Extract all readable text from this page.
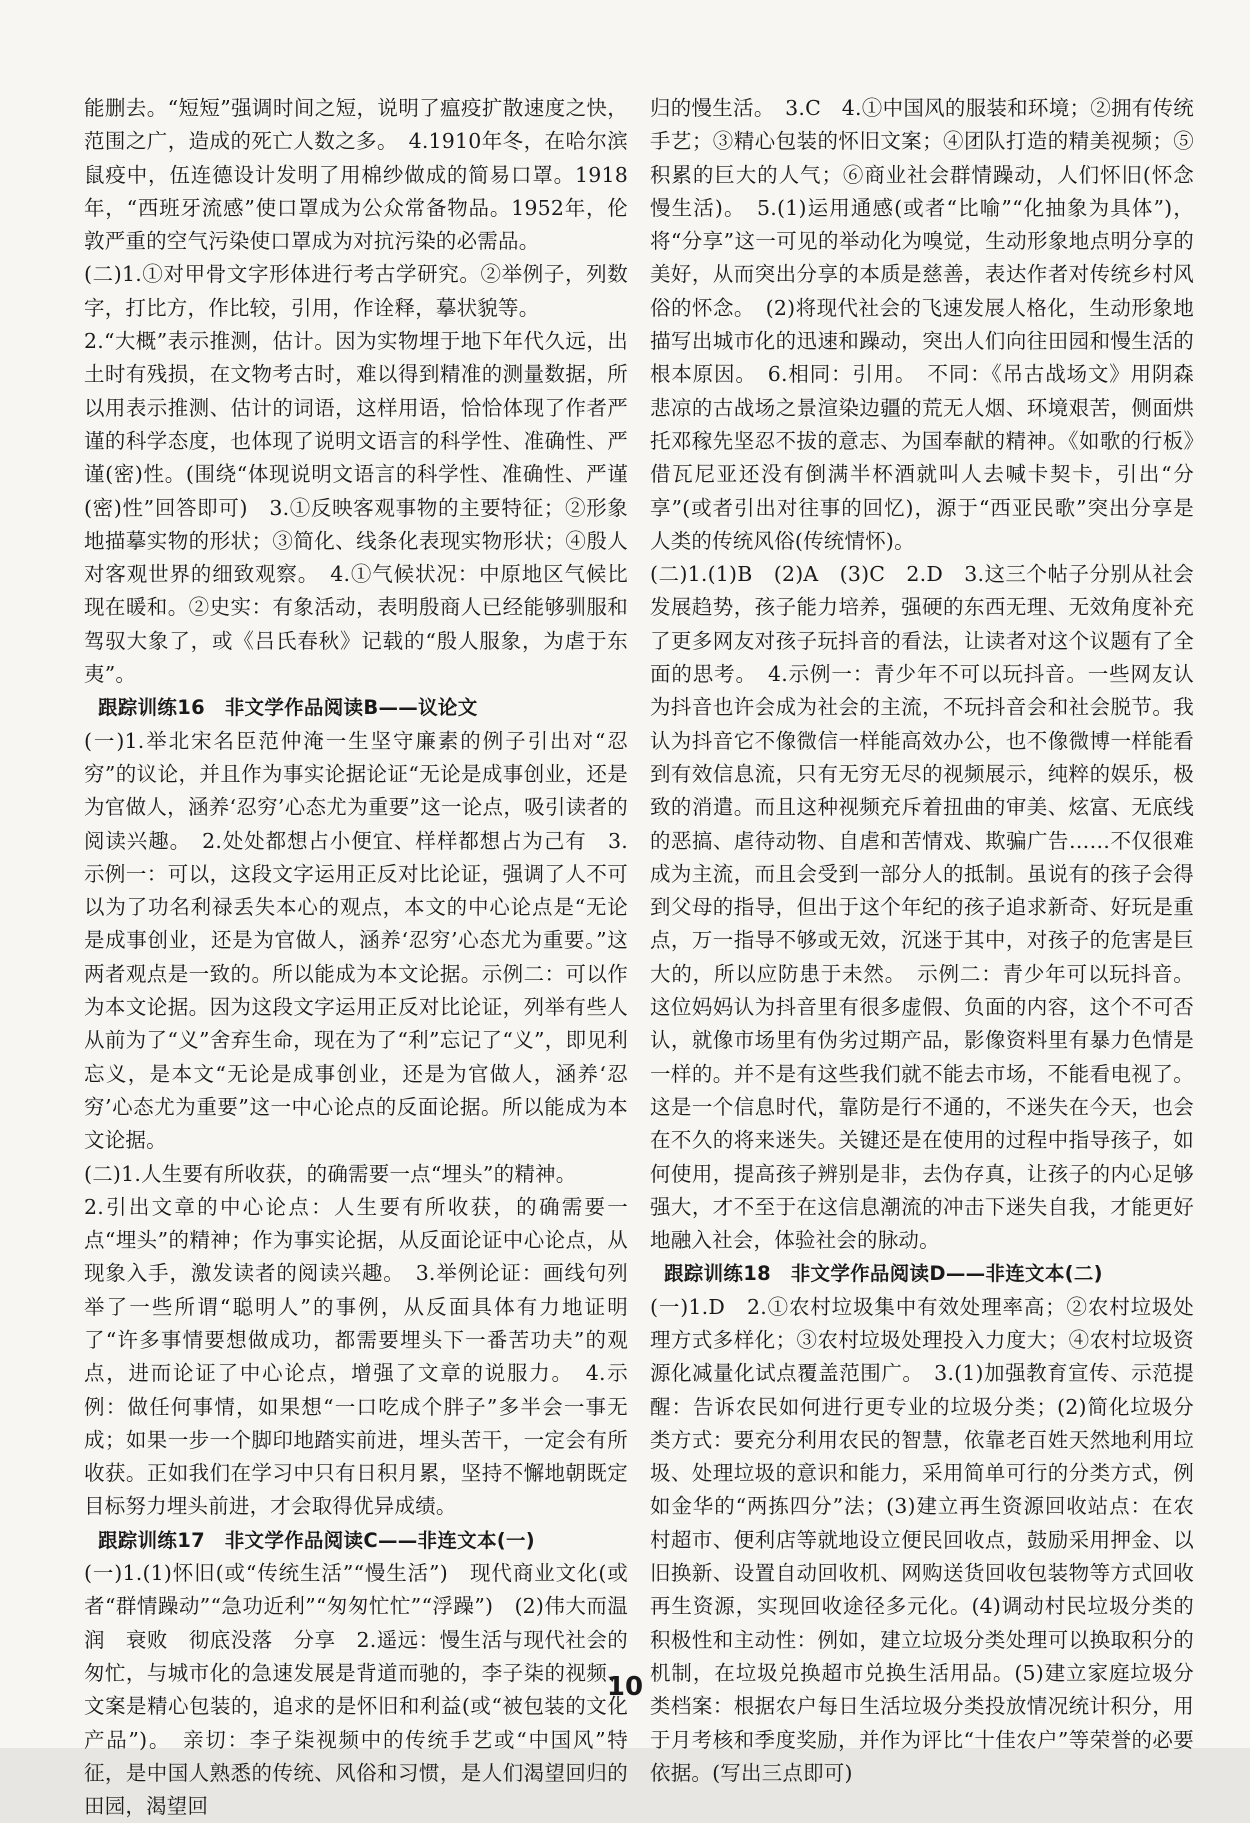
能删去。“短短”强调时间之短，说明了瘟疫扩散速度之快，范围之广，造成的死亡人数之多。　4.1910年冬，在哈尔滨鼠疫中，伍连德设计发明了用棉纱做成的简易口罩。1918年，“西班牙流感”使口罩成为公众常备物品。1952年，伦敦严重的空气污染使口罩成为对抗污染的必需品。

(二)1.①对甲骨文字形体进行考古学研究。②举例子，列数字，打比方，作比较，引用，作诠释，摹状貌等。

2.“大概”表示推测，估计。因为实物埋于地下年代久远，出土时有残损，在文物考古时，难以得到精准的测量数据，所以用表示推测、估计的词语，这样用语，恰恰体现了作者严谨的科学态度，也体现了说明文语言的科学性、准确性、严谨(密)性。(围绕“体现说明文语言的科学性、准确性、严谨(密)性”回答即可)　3.①反映客观事物的主要特征；②形象地描摹实物的形状；③简化、线条化表现实物形状；④殷人对客观世界的细致观察。　4.①气候状况：中原地区气候比现在暖和。②史实：有象活动，表明殷商人已经能够驯服和驾驭大象了，或《吕氏春秋》记载的“殷人服象，为虐于东夷”。

跟踪训练16　非文学作品阅读B——议论文

(一)1.举北宋名臣范仲淹一生坚守廉素的例子引出对“忍穷”的议论，并且作为事实论据论证“无论是成事创业，还是为官做人，涵养‘忍穷’心态尤为重要”这一论点，吸引读者的阅读兴趣。　2.处处都想占小便宜、样样都想占为己有　3.示例一：可以，这段文字运用正反对比论证，强调了人不可以为了功名利禄丢失本心的观点，本文的中心论点是“无论是成事创业，还是为官做人，涵养‘忍穷’心态尤为重要。”这两者观点是一致的。所以能成为本文论据。示例二：可以作为本文论据。因为这段文字运用正反对比论证，列举有些人从前为了“义”舍弃生命，现在为了“利”忘记了“义”，即见利忘义，是本文“无论是成事创业，还是为官做人，涵养‘忍穷’心态尤为重要”这一中心论点的反面论据。所以能成为本文论据。

(二)1.人生要有所收获，的确需要一点“埋头”的精神。

2.引出文章的中心论点：人生要有所收获，的确需要一点“埋头”的精神；作为事实论据，从反面论证中心论点，从现象入手，激发读者的阅读兴趣。　3.举例论证：画线句列举了一些所谓“聪明人”的事例，从反面具体有力地证明了“许多事情要想做成功，都需要埋头下一番苦功夫”的观点，进而论证了中心论点，增强了文章的说服力。　4.示例：做任何事情，如果想“一口吃成个胖子”多半会一事无成；如果一步一个脚印地踏实前进，埋头苦干，一定会有所收获。正如我们在学习中只有日积月累，坚持不懈地朝既定目标努力埋头前进，才会取得优异成绩。

跟踪训练17　非文学作品阅读C——非连文本(一)

(一)1.(1)怀旧(或“传统生活”“慢生活”)　现代商业文化(或者“群情躁动”“急功近利”“匆匆忙忙”“浮躁”)　(2)伟大而温润　衰败　彻底没落　分享　2.遥远：慢生活与现代社会的匆忙，与城市化的急速发展是背道而驰的，李子柒的视频、文案是精心包装的，追求的是怀旧和利益(或“被包装的文化产品”)。　亲切：李子柒视频中的传统手艺或“中国风”特征，是中国人熟悉的传统、风俗和习惯，是人们渴望回归的田园，渴望回

归的慢生活。　3.C　4.①中国风的服装和环境；②拥有传统手艺；③精心包装的怀旧文案；④团队打造的精美视频；⑤积累的巨大的人气；⑥商业社会群情躁动，人们怀旧(怀念慢生活)。　5.(1)运用通感(或者“比喻”“化抽象为具体”)，将“分享”这一可见的举动化为嗅觉，生动形象地点明分享的美好，从而突出分享的本质是慈善，表达作者对传统乡村风俗的怀念。　(2)将现代社会的飞速发展人格化，生动形象地描写出城市化的迅速和躁动，突出人们向往田园和慢生活的根本原因。　6.相同：引用。　不同：《吊古战场文》用阴森悲凉的古战场之景渲染边疆的荒无人烟、环境艰苦，侧面烘托邓稼先坚忍不拔的意志、为国奉献的精神。《如歌的行板》借瓦尼亚还没有倒满半杯酒就叫人去喊卡契卡，引出“分享”(或者引出对往事的回忆)，源于“西亚民歌”突出分享是人类的传统风俗(传统情怀)。

(二)1.(1)B　(2)A　(3)C　2.D　3.这三个帖子分别从社会发展趋势，孩子能力培养，强硬的东西无理、无效角度补充了更多网友对孩子玩抖音的看法，让读者对这个议题有了全面的思考。　4.示例一：青少年不可以玩抖音。一些网友认为抖音也许会成为社会的主流，不玩抖音会和社会脱节。我认为抖音它不像微信一样能高效办公，也不像微博一样能看到有效信息流，只有无穷无尽的视频展示，纯粹的娱乐，极致的消遣。而且这种视频充斥着扭曲的审美、炫富、无底线的恶搞、虐待动物、自虐和苦情戏、欺骗广告……不仅很难成为主流，而且会受到一部分人的抵制。虽说有的孩子会得到父母的指导，但出于这个年纪的孩子追求新奇、好玩是重点，万一指导不够或无效，沉迷于其中，对孩子的危害是巨大的，所以应防患于未然。　示例二：青少年可以玩抖音。这位妈妈认为抖音里有很多虚假、负面的内容，这个不可否认，就像市场里有伪劣过期产品，影像资料里有暴力色情是一样的。并不是有这些我们就不能去市场，不能看电视了。这是一个信息时代，靠防是行不通的，不迷失在今天，也会在不久的将来迷失。关键还是在使用的过程中指导孩子，如何使用，提高孩子辨别是非，去伪存真，让孩子的内心足够强大，才不至于在这信息潮流的冲击下迷失自我，才能更好地融入社会，体验社会的脉动。

跟踪训练18　非文学作品阅读D——非连文本(二)

(一)1.D　2.①农村垃圾集中有效处理率高；②农村垃圾处理方式多样化；③农村垃圾处理投入力度大；④农村垃圾资源化减量化试点覆盖范围广。　3.(1)加强教育宣传、示范提醒：告诉农民如何进行更专业的垃圾分类；(2)简化垃圾分类方式：要充分利用农民的智慧，依靠老百姓天然地利用垃圾、处理垃圾的意识和能力，采用简单可行的分类方式，例如金华的“两拣四分”法；(3)建立再生资源回收站点：在农村超市、便利店等就地设立便民回收点，鼓励采用押金、以旧换新、设置自动回收机、网购送货回收包装物等方式回收再生资源，实现回收途径多元化。(4)调动村民垃圾分类的积极性和主动性：例如，建立垃圾分类处理可以换取积分的机制，在垃圾兑换超市兑换生活用品。(5)建立家庭垃圾分类档案：根据农户每日生活垃圾分类投放情况统计积分，用于月考核和季度奖励，并作为评比“十佳农户”等荣誉的必要依据。(写出三点即可)

10
